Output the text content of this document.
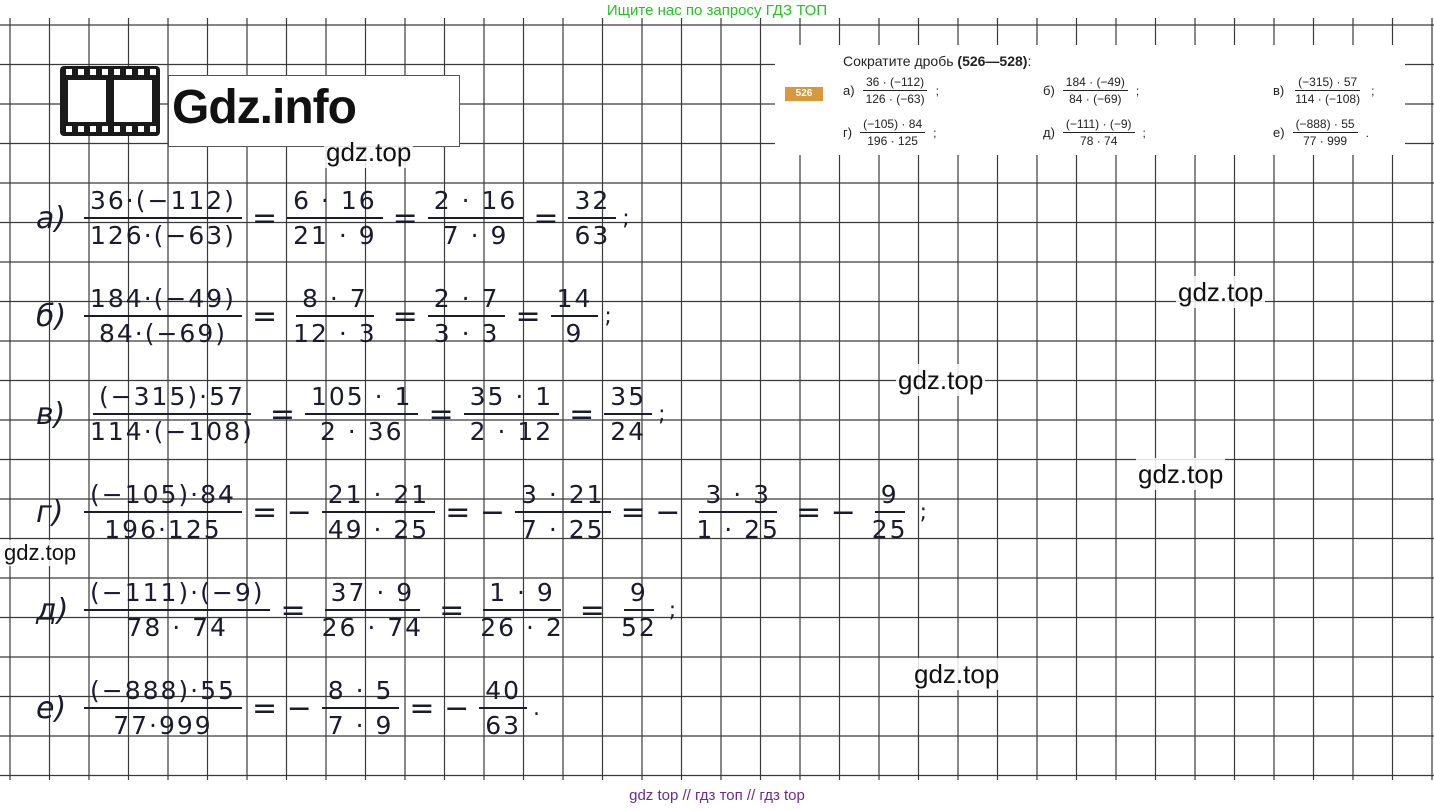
Ищите нас по запросу ГДЗ ТОП
Gdz.info
Сократите дробь (526—528):
526	$а) \frac{36 \cdot (-112)}{126 \cdot (-63)}$ ;	$б) \frac{184 \cdot (-49)}{84 \cdot (-69)}$ ;	$в) \frac{(-315) \cdot 57}{114 \cdot (-108)}$ ;
$г) \frac{(-105) \cdot 84}{196 \cdot 125}$ ;	$д) \frac{(-111) \cdot (-9)}{78 \cdot 74}$ ;	$е) \frac{(-888) \cdot 55}{77 \cdot 999}$ .
$а) \frac{36\cdot(-112)}{126\cdot(-63)} = \frac{6 \cdot 16}{21 \cdot 9} = \frac{2 \cdot 16}{7 \cdot 9} = \frac{32}{63}$ ;
$б) \frac{184\cdot(-49)}{84\cdot(-69)} = \frac{8 \cdot 7}{12 \cdot 3} = \frac{2 \cdot 7}{3 \cdot 3} = \frac{14}{9}$ ;
$в) \frac{(-315)\cdot 57}{114\cdot(-108)} = \frac{105 \cdot 1}{2 \cdot 36} = \frac{35 \cdot 1}{2 \cdot 12} = \frac{35}{24}$ ;
$г) \frac{(-105)\cdot 84}{196\cdot 125}$ = − $\frac{21 \cdot 21}{49 \cdot 25}$ = − $\frac{3 \cdot 21}{7 \cdot 25}$ = − $\frac{3 \cdot 3}{1 \cdot 25}$ = − $\frac{9}{25}$ ;
$д) \frac{(-111)\cdot(-9)}{78 \cdot 74} = \frac{37 \cdot 9}{26 \cdot 74} = \frac{1 \cdot 9}{26 \cdot 2} = \frac{9}{52}$ ;
$е) \frac{(-888)\cdot 55}{77\cdot 999}$ = − $\frac{8 \cdot 5}{7 \cdot 9}$ = − $\frac{40}{63}$ .
gdz.top
gdz.top
gdz.top
gdz.top
gdz.top
gdz.top
gdz top // гдз топ // гдз top
